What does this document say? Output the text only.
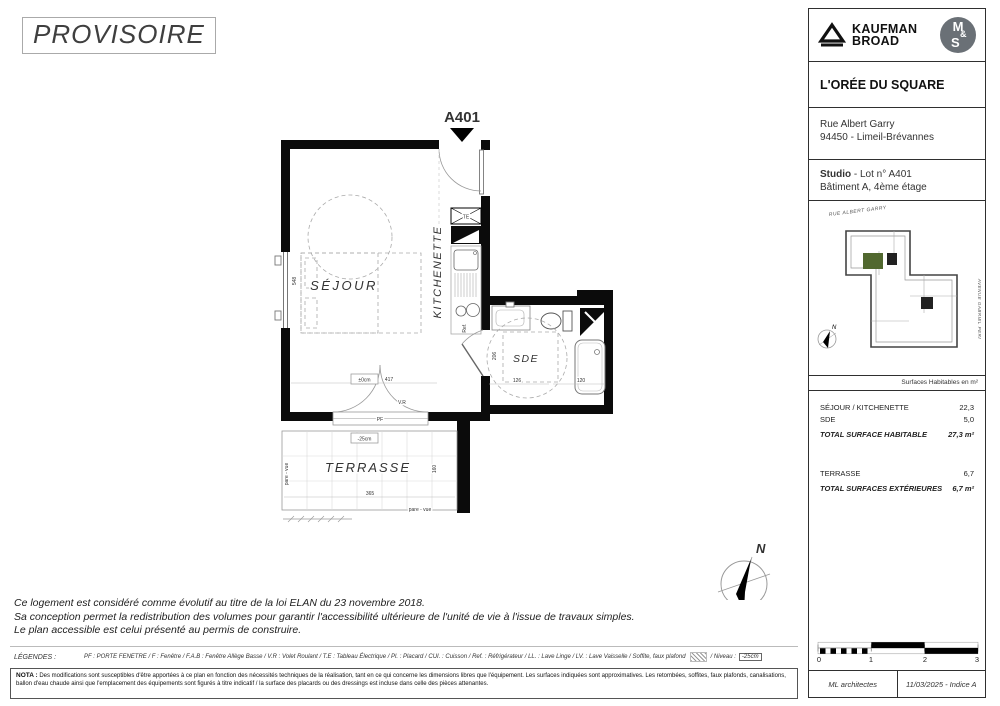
PROVISOIRE
A401
Ref.
TE
SÉJOUR	KITCHENETTE
SDE
TERRASSE
PF
V.R
pare - vue
pare - vue
±0cm
-25cm
417
548
206
126	120
365
160
N
KAUFMAN
BROAD
M
&
S
L'ORÉE DU SQUARE
Rue Albert Garry
94450 - Limeil-Brévannes
Studio - Lot n° A401
Bâtiment A, 4ème étage
RUE ALBERT GARRY
AVENUE GABRIEL PERI
N
Surfaces Habitables en m²
SÉJOUR / KITCHENETTE	22,3
SDE	5,0
TOTAL SURFACE HABITABLE	27,3 m²
TERRASSE	6,7
TOTAL SURFACES EXTÉRIEURES 6,7 m²
0	1	2	3
ML architectes	11/03/2025 - Indice A
Ce logement est considéré comme évolutif au titre de la loi ELAN du 23 novembre 2018.
Sa conception permet la redistribution des volumes pour garantir l'accessibilité ultérieure de l'unité de vie à l'issue de travaux simples.
Le plan accessible est celui présenté au permis de construire.
LÉGENDES :	PF : PORTE FENETRE / F : Fenêtre / F.A.B : Fenêtre Allège Basse / V.R : Volet Roulant / T.E : Tableau Électrique / Pl. : Placard / CUI. : Cuisson / Ref. : Réfrigérateur / LL. : Lave Linge / LV. : Lave Vaisselle / Soffite, faux plafond	/ Niveau :	-25cm
NOTA : Des modifications sont susceptibles d'être apportées à ce plan en fonction des nécessités techniques de la réalisation, tant en ce qui concerne les dimensions libres que l'équipement. Les surfaces indiquées sont approximatives. Les retombées, soffites, faux plafonds, canalisations, ballon d'eau chaude ainsi que l'emplacement des équipements sont figurés à titre indicatif / la surface des placards ou des dressings est incluse dans celle des pièces attenantes.
